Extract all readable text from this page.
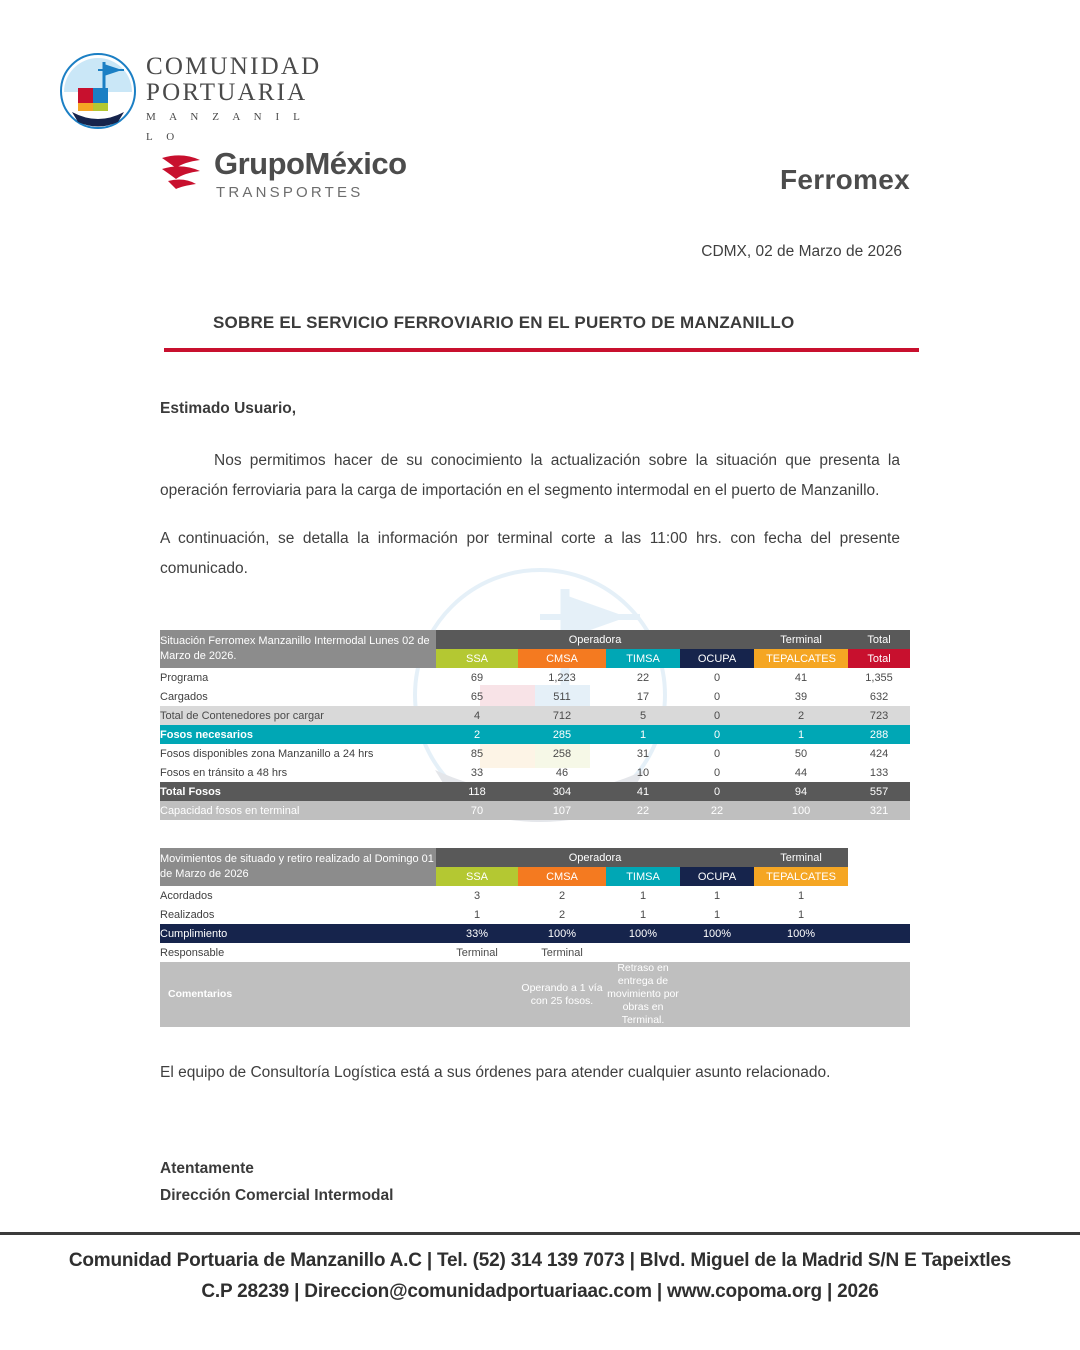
COMUNIDAD
PORTUARIA
M A N Z A N I L L O
GrupoMéxico
TRANSPORTES	Ferromex
CDMX, 02 de Marzo de 2026
SOBRE EL SERVICIO FERROVIARIO EN EL PUERTO DE MANZANILLO
Estimado Usuario,
Nos permitimos hacer de su conocimiento la actualización sobre la situación que presenta la operación ferroviaria para la carga de importación en el segmento intermodal en el puerto de Manzanillo.
A continuación, se detalla la información por terminal corte a las 11:00 hrs. con fecha del presente comunicado.
Situación Ferromex Manzanillo Intermodal Lunes 02 de Marzo de 2026.	Operadora				Terminal	Total
	SSA	CMSA	TIMSA	OCUPA	TEPALCATES	Total
Programa	69	1,223	22	0	41	1,355
Cargados	65	511	17	0	39	632
Total de Contenedores por cargar	4	712	5	0	2	723
Fosos necesarios	2	285	1	0	1	288
Fosos disponibles zona Manzanillo a 24 hrs	85	258	31	0	50	424
Fosos en tránsito a 48 hrs	33	46	10	0	44	133
Total Fosos	118	304	41	0	94	557
Capacidad fosos en terminal	70	107	22	22	100	321
Movimientos de situado y retiro realizado al Domingo 01 de Marzo de 2026	Operadora				Terminal	
	SSA	CMSA	TIMSA	OCUPA	TEPALCATES	
Acordados	3	2	1	1	1	
Realizados	1	2	1	1	1	
Cumplimiento	33%	100%	100%	100%	100%	
Responsable	Terminal	Terminal				
Comentarios		Operando a 1 vía con 25 fosos.	Retraso en entrega de movimiento por obras en Terminal.			
El equipo de Consultoría Logística está a sus órdenes para atender cualquier asunto relacionado.
Atentamente
Dirección Comercial Intermodal
Comunidad Portuaria de Manzanillo A.C | Tel. (52) 314 139 7073 | Blvd. Miguel de la Madrid S/N E Tapeixtles
C.P 28239 | Direccion@comunidadportuariaac.com | www.copoma.org | 2026
